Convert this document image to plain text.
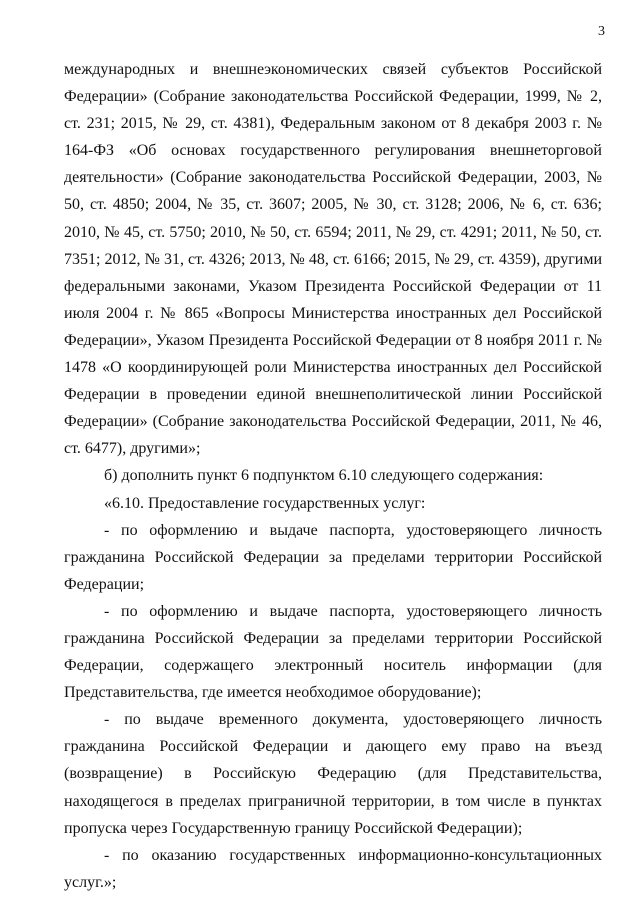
3

международных и внешнеэкономических связей субъектов Российской Федерации» (Собрание законодательства Российской Федерации, 1999, № 2, ст. 231; 2015, № 29, ст. 4381), Федеральным законом от 8 декабря 2003 г. № 164-ФЗ «Об основах государственного регулирования внешнеторговой деятельности» (Собрание законодательства Российской Федерации, 2003, № 50, ст. 4850; 2004, № 35, ст. 3607; 2005, № 30, ст. 3128; 2006, № 6, ст. 636; 2010, № 45, ст. 5750; 2010, № 50, ст. 6594; 2011, № 29, ст. 4291; 2011, № 50, ст. 7351; 2012, № 31, ст. 4326; 2013, № 48, ст. 6166; 2015, № 29, ст. 4359), другими федеральными законами, Указом Президента Российской Федерации от 11 июля 2004 г. № 865 «Вопросы Министерства иностранных дел Российской Федерации», Указом Президента Российской Федерации от 8 ноября 2011 г. № 1478 «О координирующей роли Министерства иностранных дел Российской Федерации в проведении единой внешнеполитической линии Российской Федерации» (Собрание законодательства Российской Федерации, 2011, № 46, ст. 6477), другими»;

б) дополнить пункт 6 подпунктом 6.10 следующего содержания:

«6.10. Предоставление государственных услуг:

- по оформлению и выдаче паспорта, удостоверяющего личность гражданина Российской Федерации за пределами территории Российской Федерации;

- по оформлению и выдаче паспорта, удостоверяющего личность гражданина Российской Федерации за пределами территории Российской Федерации, содержащего электронный носитель информации (для Представительства, где имеется необходимое оборудование);

- по выдаче временного документа, удостоверяющего личность гражданина Российской Федерации и дающего ему право на въезд (возвращение) в Российскую Федерацию (для Представительства, находящегося в пределах приграничной территории, в том числе в пунктах пропуска через Государственную границу Российской Федерации);

- по оказанию государственных информационно-консультационных услуг.»;
